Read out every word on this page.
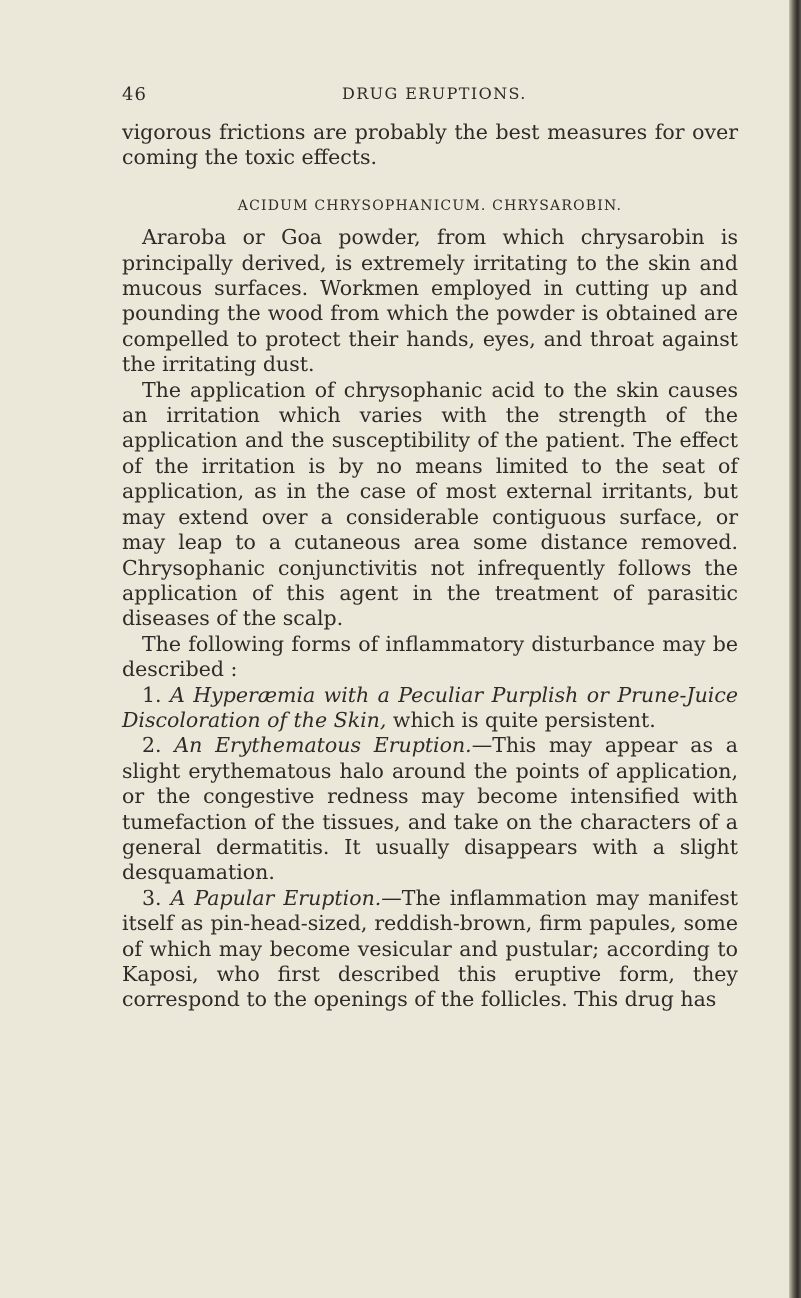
46	DRUG ERUPTIONS.

vigorous frictions are probably the best measures for over coming the toxic effects.

ACIDUM CHRYSOPHANICUM. CHRYSAROBIN.

Araroba or Goa powder, from which chrysarobin is principally derived, is extremely irritating to the skin and mucous surfaces. Workmen employed in cutting up and pounding the wood from which the powder is obtained are compelled to protect their hands, eyes, and throat against the irritating dust.

The application of chrysophanic acid to the skin causes an irritation which varies with the strength of the application and the susceptibility of the patient. The effect of the irritation is by no means limited to the seat of application, as in the case of most external irritants, but may extend over a considerable contiguous surface, or may leap to a cutaneous area some distance removed. Chrysophanic conjunctivitis not infrequently follows the application of this agent in the treatment of parasitic diseases of the scalp.

The following forms of inflammatory disturbance may be described :

1. A Hyperæmia with a Peculiar Purplish or Prune-Juice Discoloration of the Skin, which is quite persistent.

2. An Erythematous Eruption.—This may appear as a slight erythematous halo around the points of application, or the congestive redness may become intensified with tumefaction of the tissues, and take on the characters of a general dermatitis. It usually disappears with a slight desquamation.

3. A Papular Eruption.—The inflammation may manifest itself as pin-head-sized, reddish-brown, firm papules, some of which may become vesicular and pustular; according to Kaposi, who first described this eruptive form, they correspond to the openings of the follicles. This drug has
